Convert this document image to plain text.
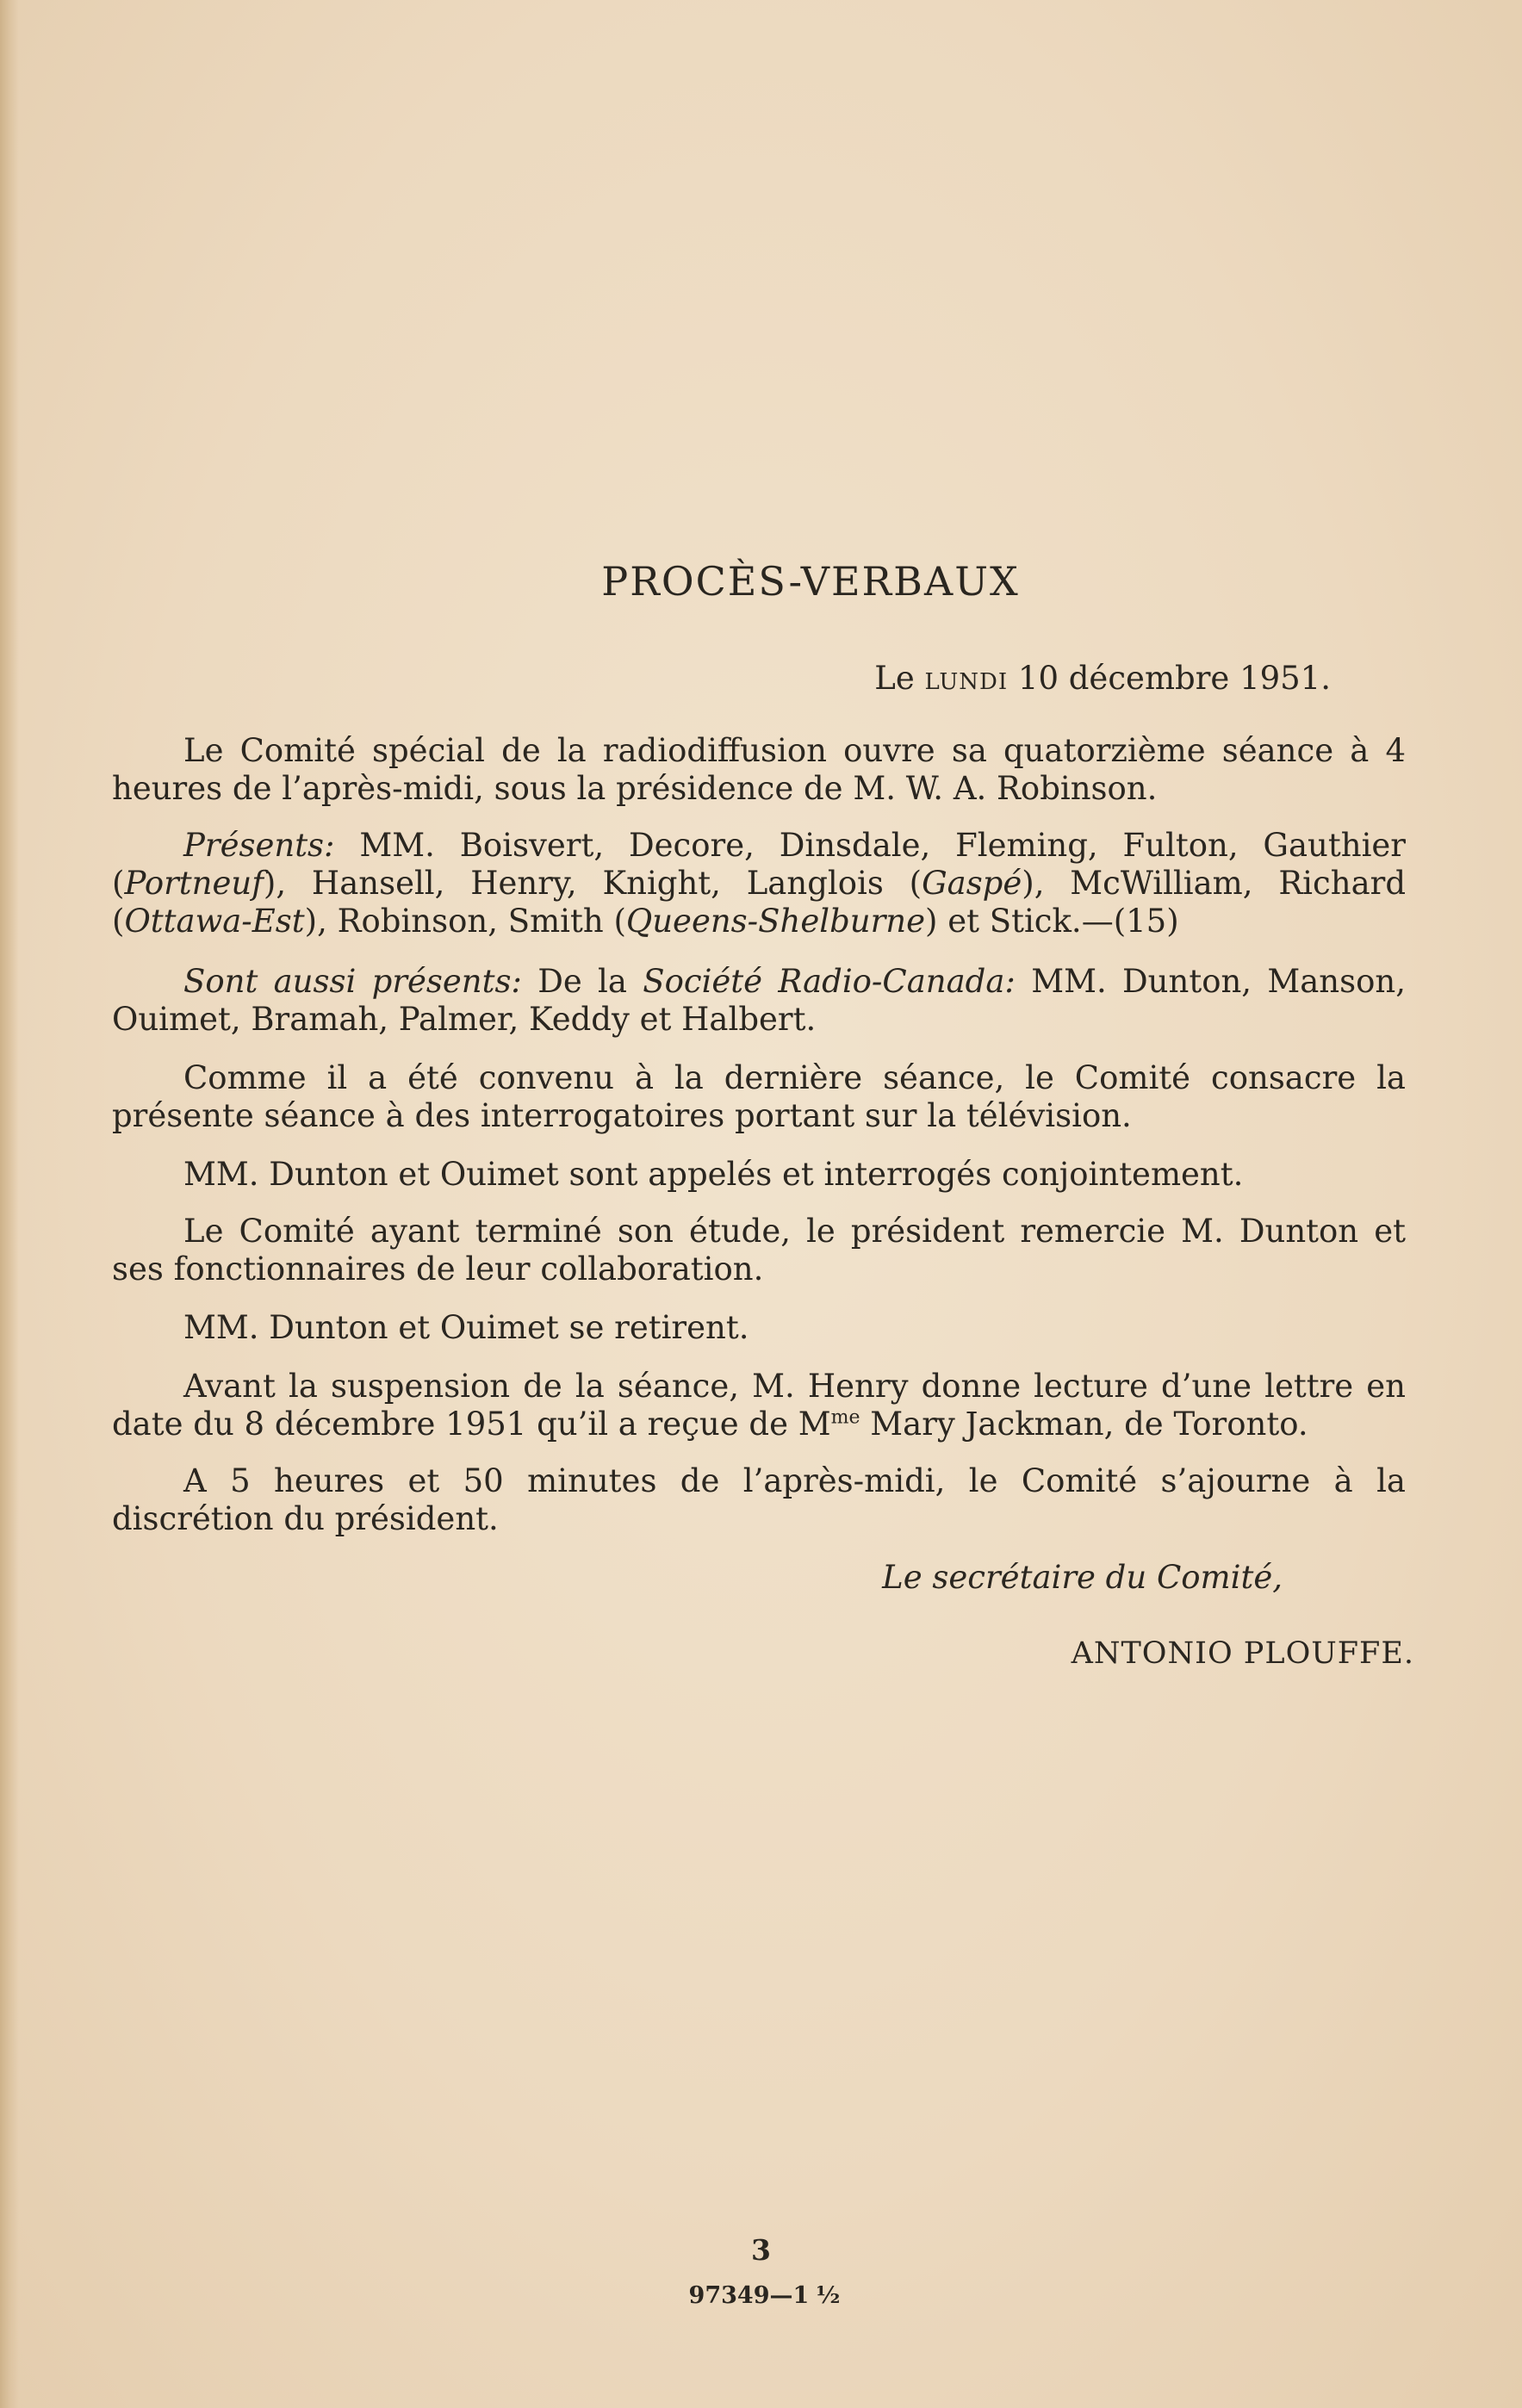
PROCÈS-VERBAUX
Le lundi 10 décembre 1951.

Le Comité spécial de la radiodiffusion ouvre sa quatorzième séance à 4 heures de l’après-midi, sous la présidence de M. W. A. Robinson.

Présents: MM. Boisvert, Decore, Dinsdale, Fleming, Fulton, Gauthier (Portneuf), Hansell, Henry, Knight, Langlois (Gaspé), McWilliam, Richard (Ottawa-Est), Robinson, Smith (Queens-Shelburne) et Stick.—(15)

Sont aussi présents: De la Société Radio-Canada: MM. Dunton, Manson, Ouimet, Bramah, Palmer, Keddy et Halbert.

Comme il a été convenu à la dernière séance, le Comité consacre la présente séance à des interrogatoires portant sur la télévision.

MM. Dunton et Ouimet sont appelés et interrogés conjointement.

Le Comité ayant terminé son étude, le président remercie M. Dunton et ses fonctionnaires de leur collaboration.

MM. Dunton et Ouimet se retirent.

Avant la suspension de la séance, M. Henry donne lecture d’une lettre en date du 8 décembre 1951 qu’il a reçue de $M^{me}$ Mary Jackman, de Toronto.

A 5 heures et 50 minutes de l’après-midi, le Comité s’ajourne à la discrétion du président.

Le secrétaire du Comité,
ANTONIO PLOUFFE.
3
97349—1 ½
